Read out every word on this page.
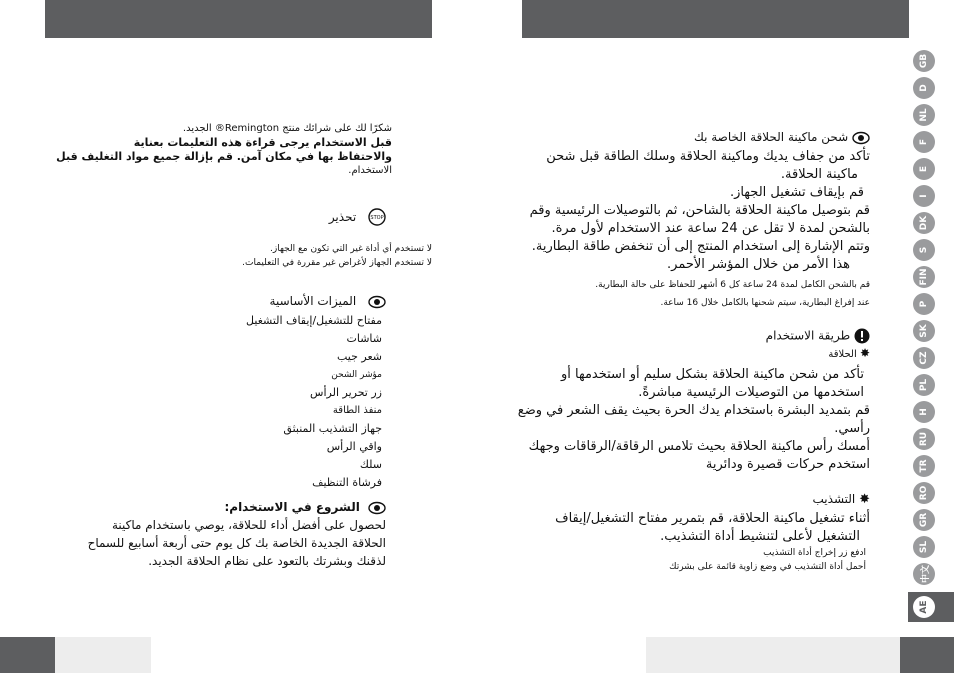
شكرًا لك على شرائك منتج Remington® الجديد.
قبل الاستخدام يرجى قراءة هذه التعليمات بعناية
والاحتفاظ بها في مكان آمن. قم بإزالة جميع مواد التغليف قبل
الاستخدام.
STOP
تحذير
لا تستخدم أي أداة غير التي تكون مع الجهاز.
لا تستخدم الجهاز لأغراض غير مقررة في التعليمات.
الميزات الأساسية
مفتاح للتشغيل/إيقاف التشغيل
شاشات
شعر جيب
مؤشر الشحن
زر تحرير الرأس
منفذ الطاقة
جهاز التشذيب المنبثق
واقي الرأس
سلك
فرشاة التنظيف
الشروع في الاستخدام:
لحصول على أفضل أداء للحلاقة، يوصي باستخدام ماكينة
الحلاقة الجديدة الخاصة بك كل يوم حتى أربعة أسابيع للسماح
لذقنك وبشرتك بالتعود على نظام الحلاقة الجديد.
شحن ماكينة الحلاقة الخاصة بك
تأكد من جفاف يديك وماكينة الحلاقة وسلك الطاقة قبل شحن
ماكينة الحلاقة.
قم بإيقاف تشغيل الجهاز.
قم بتوصيل ماكينة الحلاقة بالشاحن، ثم بالتوصيلات الرئيسية وقم
بالشحن لمدة لا تقل عن 24 ساعة عند الاستخدام لأول مرة.
وتتم الإشارة إلى استخدام المنتج إلى أن تنخفض طاقة البطارية.
هذا الأمر من خلال المؤشر الأحمر.
قم بالشحن الكامل لمدة 24 ساعة كل 6 أشهر للحفاظ على حالة البطارية.
عند إفراغ البطارية، سيتم شحنها بالكامل خلال 16 ساعة.
طريقة الاستخدام
✸ الحلاقة
تأكد من شحن ماكينة الحلاقة بشكل سليم أو استخدمها أو
استخدمها من التوصيلات الرئيسية مباشرةً.
قم بتمديد البشرة باستخدام يدك الحرة بحيث يقف الشعر في وضع
رأسي.
أمسك رأس ماكينة الحلاقة بحيث تلامس الرقاقة/الرقاقات وجهك
استخدم حركات قصيرة ودائرية
✸ التشذيب
أثناء تشغيل ماكينة الحلاقة، قم بتمرير مفتاح التشغيل/إيقاف
التشغيل لأعلى لتنشيط أداة التشذيب.
ادفع زر إخراج أداة التشذيب
أحمل أداة التشذيب في وضع زاوية قائمة على بشرتك
GB
D
NL
F
E
I
DK
S
FIN
P
SK
CZ
PL
H
RU
TR
RO
GR
SL
中文
AE
